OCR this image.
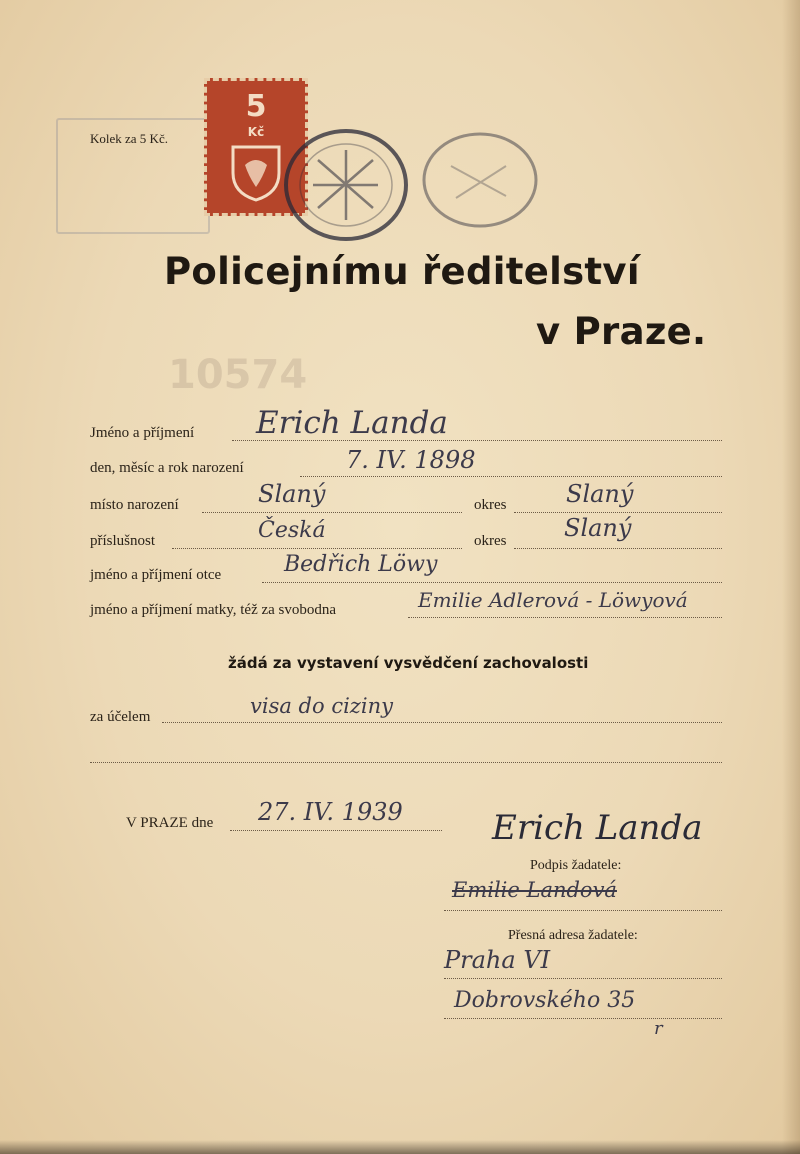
10574
5
Kč
Kolek za 5 Kč.
Policejnímu ředitelství
v Praze.
Jméno a příjmení Erich Landa
den, měsíc a rok narození	7. IV. 1898
místo narození	Slaný	okres Slaný
příslušnost	Česká	okres Slaný
jméno a příjmení otce	Bedřich Löwy
jméno a příjmení matky, též za svobodna	Emilie Adlerová - Löwyová
žádá za vystavení vysvědčení zachovalosti
za účelem	visa do ciziny
V PRAZE dne 27. IV. 1939	Erich Landa
Podpis žadatele:
Emilie Landová
Přesná adresa žadatele:
Praha VI
Dobrovského 35
r
